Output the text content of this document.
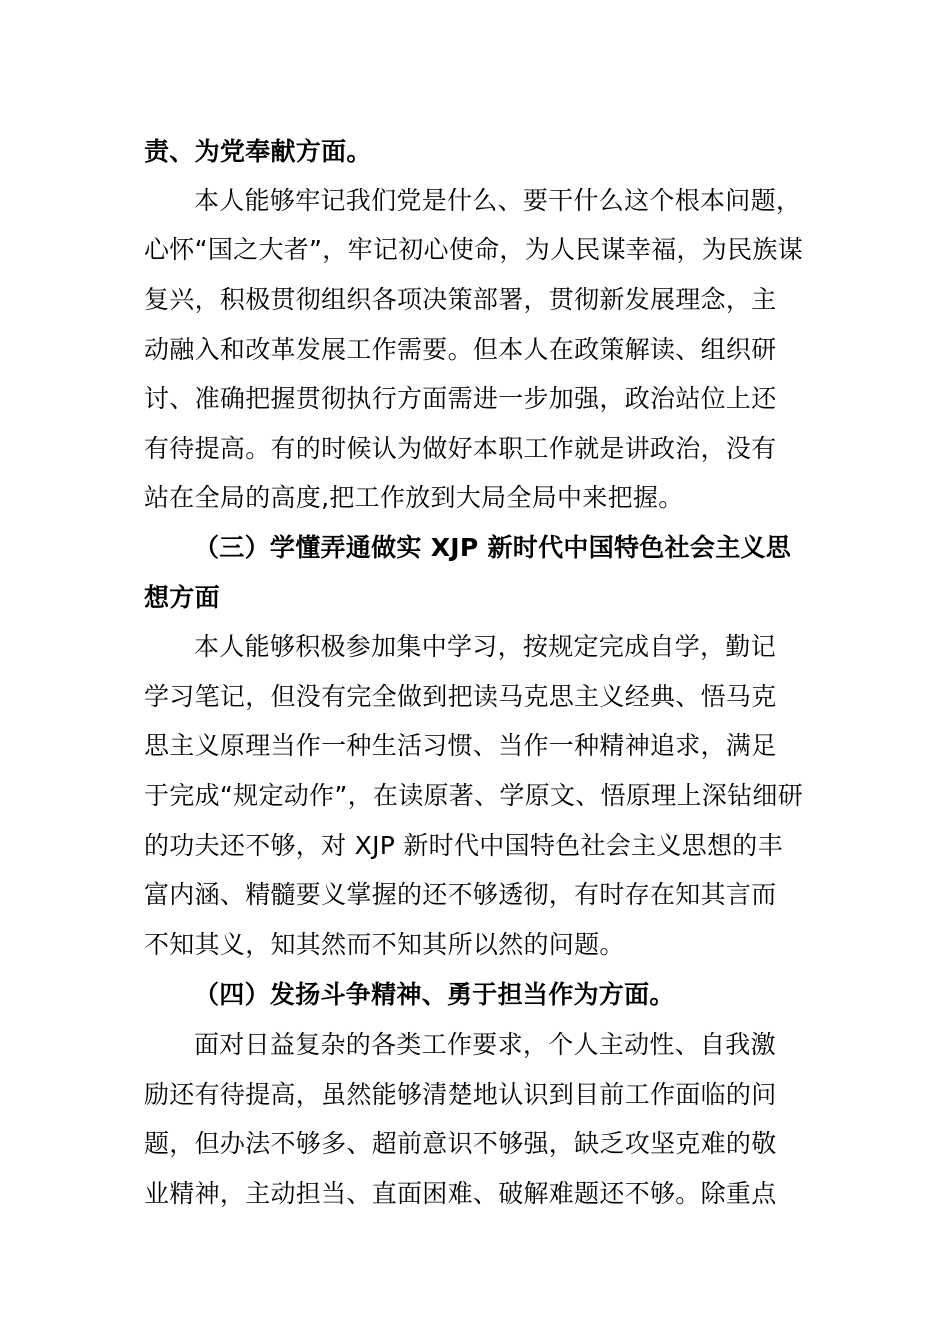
责、为党奉献方面。
本人能够牢记我们党是什么、要干什么这个根本问题，
心怀“国之大者”，牢记初心使命，为人民谋幸福，为民族谋
复兴，积极贯彻组织各项决策部署，贯彻新发展理念，主
动融入和改革发展工作需要。但本人在政策解读、组织研
讨、准确把握贯彻执行方面需进一步加强，政治站位上还
有待提高。有的时候认为做好本职工作就是讲政治，没有
站在全局的高度,把工作放到大局全局中来把握。
（三）学懂弄通做实 XJP 新时代中国特色社会主义思
想方面
本人能够积极参加集中学习，按规定完成自学，勤记
学习笔记，但没有完全做到把读马克思主义经典、悟马克
思主义原理当作一种生活习惯、当作一种精神追求，满足
于完成“规定动作”，在读原著、学原文、悟原理上深钻细研
的功夫还不够，对 XJP 新时代中国特色社会主义思想的丰
富内涵、精髓要义掌握的还不够透彻，有时存在知其言而
不知其义，知其然而不知其所以然的问题。
（四）发扬斗争精神、勇于担当作为方面。
面对日益复杂的各类工作要求，个人主动性、自我激
励还有待提高，虽然能够清楚地认识到目前工作面临的问
题，但办法不够多、超前意识不够强，缺乏攻坚克难的敬
业精神，主动担当、直面困难、破解难题还不够。除重点
